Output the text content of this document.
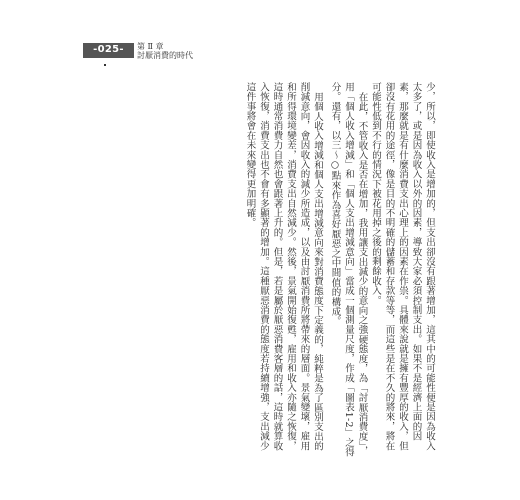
-025-	第 Ⅱ 章
討厭消費的時代

少，所以，即使收入是增加的，但支出卻沒有跟著增加，這其中的可能性便是因為收入太多了，或是因為收入以外的因素，導致大家必須控制支出。如果不是經濟上面的因素，那麼就是有什麼消費支出心理上的因素在作祟。具體來說就是擁有豐厚的收入，但卻沒有花用的途徑，像是目的不明確的儲蓄和存款等等，而這些是在不久的將來，將在可能性低到不行的情況下被花用掉之後的剩餘收入。

在此，不管收入是否在增加，我用讓支出減少的意向之強硬態度，為「討厭消費度」，用「個人收入增減」和「個人支出增減意向」當成一個測量尺度，作成「圖表1-2」之得分。還有，以三～○點來作為喜好厭惡之中間值的構成。

用個人收入增減和個人支出增減意向來對消費態度下定義的，純粹是為了區別支出的削減意向，會因收入的減少所造成，以及由討厭消費所將帶來的層面。景氣變壞，雇用和所得環境變差，消費支出自然減少。然後，景氣開始復甦，雇用和收入亦隨之恢復，這時通常消費力自然也會跟著上升的。但是，若是屬於厭惡消費客層的話，這時就算收入恢復，消費支出也不會有多顯著的增加。這種厭惡消費的態度若持續增強，支出減少這件事將會在未來變得更加明確。
